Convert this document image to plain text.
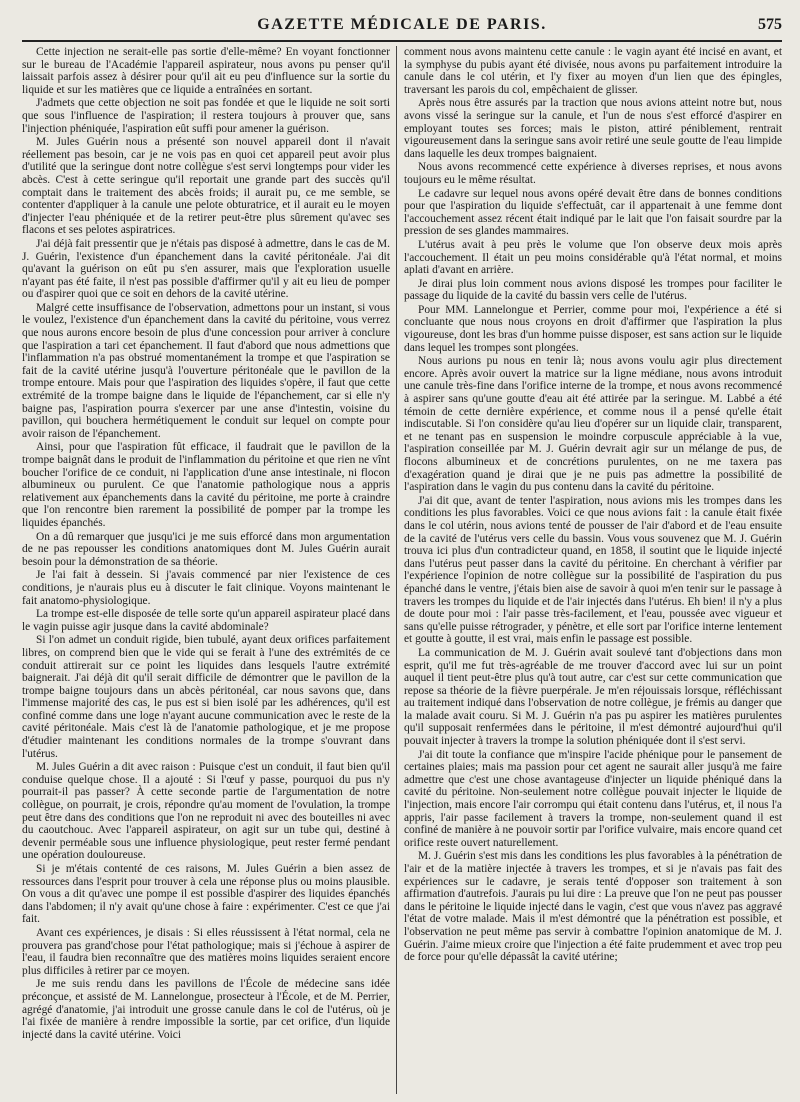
GAZETTE MÉDICALE DE PARIS.	575

Cette injection ne serait-elle pas sortie d'elle-même? En voyant fonctionner sur le bureau de l'Académie l'appareil aspirateur, nous avons pu penser qu'il laissait parfois assez à désirer pour qu'il ait eu peu d'influence sur la sortie du liquide et sur les matières que ce liquide a entraînées en sortant.

J'admets que cette objection ne soit pas fondée et que le liquide ne soit sorti que sous l'influence de l'aspiration; il restera toujours à prouver que, sans l'injection phéniquée, l'aspiration eût suffi pour amener la guérison.

M. Jules Guérin nous a présenté son nouvel appareil dont il n'avait réellement pas besoin, car je ne vois pas en quoi cet appareil peut avoir plus d'utilité que la seringue dont notre collègue s'est servi longtemps pour vider les abcès. C'est à cette seringue qu'il reportait une grande part des succès qu'il comptait dans le traitement des abcès froids; il aurait pu, ce me semble, se contenter d'appliquer à la canule une pelote obturatrice, et il aurait eu le moyen d'injecter l'eau phéniquée et de la retirer peut-être plus sûrement qu'avec ses flacons et ses pelotes aspiratrices.

J'ai déjà fait pressentir que je n'étais pas disposé à admettre, dans le cas de M. J. Guérin, l'existence d'un épanchement dans la cavité péritonéale. J'ai dit qu'avant la guérison on eût pu s'en assurer, mais que l'exploration usuelle n'ayant pas été faite, il n'est pas possible d'affirmer qu'il y ait eu lieu de pomper ou d'aspirer quoi que ce soit en dehors de la cavité utérine.

Malgré cette insuffisance de l'observation, admettons pour un instant, si vous le voulez, l'existence d'un épanchement dans la cavité du péritoine, vous verrez que nous aurons encore besoin de plus d'une concession pour arriver à conclure que l'aspiration a tari cet épanchement. Il faut d'abord que nous admettions que l'inflammation n'a pas obstrué momentanément la trompe et que l'aspiration se fait de la cavité utérine jusqu'à l'ouverture péritonéale que le pavillon de la trompe entoure. Mais pour que l'aspiration des liquides s'opère, il faut que cette extrémité de la trompe baigne dans le liquide de l'épanchement, car si elle n'y baigne pas, l'aspiration pourra s'exercer par une anse d'intestin, voisine du pavillon, qui bouchera hermétiquement le conduit sur lequel on compte pour avoir raison de l'épanchement.

Ainsi, pour que l'aspiration fût efficace, il faudrait que le pavillon de la trompe baignât dans le produit de l'inflammation du péritoine et que rien ne vînt boucher l'orifice de ce conduit, ni l'application d'une anse intestinale, ni flocon albumineux ou purulent. Ce que l'anatomie pathologique nous a appris relativement aux épanchements dans la cavité du péritoine, me porte à craindre que l'on rencontre bien rarement la possibilité de pomper par la trompe les liquides épanchés.

On a dû remarquer que jusqu'ici je me suis efforcé dans mon argumentation de ne pas repousser les conditions anatomiques dont M. Jules Guérin aurait besoin pour la démonstration de sa théorie.

Je l'ai fait à dessein. Si j'avais commencé par nier l'existence de ces conditions, je n'aurais plus eu à discuter le fait clinique. Voyons maintenant le fait anatomo-physiologique.

La trompe est-elle disposée de telle sorte qu'un appareil aspirateur placé dans le vagin puisse agir jusque dans la cavité abdominale?

Si l'on admet un conduit rigide, bien tubulé, ayant deux orifices parfaitement libres, on comprend bien que le vide qui se ferait à l'une des extrémités de ce conduit attirerait sur ce point les liquides dans lesquels l'autre extrémité baignerait. J'ai déjà dit qu'il serait difficile de démontrer que le pavillon de la trompe baigne toujours dans un abcès péritonéal, car nous savons que, dans l'immense majorité des cas, le pus est si bien isolé par les adhérences, qu'il est confiné comme dans une loge n'ayant aucune communication avec le reste de la cavité péritonéale. Mais c'est là de l'anatomie pathologique, et je me propose d'étudier maintenant les conditions normales de la trompe s'ouvrant dans l'utérus.

M. Jules Guérin a dit avec raison : Puisque c'est un conduit, il faut bien qu'il conduise quelque chose. Il a ajouté : Si l'œuf y passe, pourquoi du pus n'y pourrait-il pas passer? À cette seconde partie de l'argumentation de notre collègue, on pourrait, je crois, répondre qu'au moment de l'ovulation, la trompe peut être dans des conditions que l'on ne reproduit ni avec des bouteilles ni avec du caoutchouc. Avec l'appareil aspirateur, on agit sur un tube qui, destiné à devenir perméable sous une influence physiologique, peut rester fermé pendant une opération douloureuse.

Si je m'étais contenté de ces raisons, M. Jules Guérin a bien assez de ressources dans l'esprit pour trouver à cela une réponse plus ou moins plausible. On vous a dit qu'avec une pompe il est possible d'aspirer des liquides épanchés dans l'abdomen; il n'y avait qu'une chose à faire : expérimenter. C'est ce que j'ai fait.

Avant ces expériences, je disais : Si elles réussissent à l'état normal, cela ne prouvera pas grand'chose pour l'état pathologique; mais si j'échoue à aspirer de l'eau, il faudra bien reconnaître que des matières moins liquides seraient encore plus difficiles à retirer par ce moyen.

Je me suis rendu dans les pavillons de l'École de médecine sans idée préconçue, et assisté de M. Lannelongue, prosecteur à l'École, et de M. Perrier, agrégé d'anatomie, j'ai introduit une grosse canule dans le col de l'utérus, où je l'ai fixée de manière à rendre impossible la sortie, par cet orifice, d'un liquide injecté dans la cavité utérine. Voici

comment nous avons maintenu cette canule : le vagin ayant été incisé en avant, et la symphyse du pubis ayant été divisée, nous avons pu parfaitement introduire la canule dans le col utérin, et l'y fixer au moyen d'un lien que des épingles, traversant les parois du col, empêchaient de glisser.

Après nous être assurés par la traction que nous avions atteint notre but, nous avons vissé la seringue sur la canule, et l'un de nous s'est efforcé d'aspirer en employant toutes ses forces; mais le piston, attiré péniblement, rentrait vigoureusement dans la seringue sans avoir retiré une seule goutte de l'eau limpide dans laquelle les deux trompes baignaient.

Nous avons recommencé cette expérience à diverses reprises, et nous avons toujours eu le même résultat.

Le cadavre sur lequel nous avons opéré devait être dans de bonnes conditions pour que l'aspiration du liquide s'effectuât, car il appartenait à une femme dont l'accouchement assez récent était indiqué par le lait que l'on faisait sourdre par la pression de ses glandes mammaires.

L'utérus avait à peu près le volume que l'on observe deux mois après l'accouchement. Il était un peu moins considérable qu'à l'état normal, et moins aplati d'avant en arrière.

Je dirai plus loin comment nous avions disposé les trompes pour faciliter le passage du liquide de la cavité du bassin vers celle de l'utérus.

Pour MM. Lannelongue et Perrier, comme pour moi, l'expérience a été si concluante que nous nous croyons en droit d'affirmer que l'aspiration la plus vigoureuse, dont les bras d'un homme puisse disposer, est sans action sur le liquide dans lequel les trompes sont plongées.

Nous aurions pu nous en tenir là; nous avons voulu agir plus directement encore. Après avoir ouvert la matrice sur la ligne médiane, nous avons introduit une canule très-fine dans l'orifice interne de la trompe, et nous avons recommencé à aspirer sans qu'une goutte d'eau ait été attirée par la seringue. M. Labbé a été témoin de cette dernière expérience, et comme nous il a pensé qu'elle était indiscutable. Si l'on considère qu'au lieu d'opérer sur un liquide clair, transparent, et ne tenant pas en suspension le moindre corpuscule appréciable à la vue, l'aspiration conseillée par M. J. Guérin devrait agir sur un mélange de pus, de flocons albumineux et de concrétions purulentes, on ne me taxera pas d'exagération quand je dirai que je ne puis pas admettre la possibilité de l'aspiration dans le vagin du pus contenu dans la cavité du péritoine.

J'ai dit que, avant de tenter l'aspiration, nous avions mis les trompes dans les conditions les plus favorables. Voici ce que nous avions fait : la canule était fixée dans le col utérin, nous avions tenté de pousser de l'air d'abord et de l'eau ensuite de la cavité de l'utérus vers celle du bassin. Vous vous souvenez que M. J. Guérin trouva ici plus d'un contradicteur quand, en 1858, il soutint que le liquide injecté dans l'utérus peut passer dans la cavité du péritoine. En cherchant à vérifier par l'expérience l'opinion de notre collègue sur la possibilité de l'aspiration du pus épanché dans le ventre, j'étais bien aise de savoir à quoi m'en tenir sur le passage à travers les trompes du liquide et de l'air injectés dans l'utérus. Eh bien! il n'y a plus de doute pour moi : l'air passe très-facilement, et l'eau, poussée avec vigueur et sans qu'elle puisse rétrograder, y pénètre, et elle sort par l'orifice interne lentement et goutte à goutte, il est vrai, mais enfin le passage est possible.

La communication de M. J. Guérin avait soulevé tant d'objections dans mon esprit, qu'il me fut très-agréable de me trouver d'accord avec lui sur un point auquel il tient peut-être plus qu'à tout autre, car c'est sur cette communication que repose sa théorie de la fièvre puerpérale. Je m'en réjouissais lorsque, réfléchissant au traitement indiqué dans l'observation de notre collègue, je frémis au danger que la malade avait couru. Si M. J. Guérin n'a pas pu aspirer les matières purulentes qu'il supposait renfermées dans le péritoine, il m'est démontré aujourd'hui qu'il pouvait injecter à travers la trompe la solution phéniquée dont il s'est servi.

J'ai dit toute la confiance que m'inspire l'acide phénique pour le pansement de certaines plaies; mais ma passion pour cet agent ne saurait aller jusqu'à me faire admettre que c'est une chose avantageuse d'injecter un liquide phéniqué dans la cavité du péritoine. Non-seulement notre collègue pouvait injecter le liquide de l'injection, mais encore l'air corrompu qui était contenu dans l'utérus, et, il nous l'a appris, l'air passe facilement à travers la trompe, non-seulement quand il est confiné de manière à ne pouvoir sortir par l'orifice vulvaire, mais encore quand cet orifice reste ouvert naturellement.

M. J. Guérin s'est mis dans les conditions les plus favorables à la pénétration de l'air et de la matière injectée à travers les trompes, et si je n'avais pas fait des expériences sur le cadavre, je serais tenté d'opposer son traitement à son affirmation d'autrefois. J'aurais pu lui dire : La preuve que l'on ne peut pas pousser dans le péritoine le liquide injecté dans le vagin, c'est que vous n'avez pas aggravé l'état de votre malade. Mais il m'est démontré que la pénétration est possible, et l'observation ne peut même pas servir à combattre l'opinion anatomique de M. J. Guérin. J'aime mieux croire que l'injection a été faite prudemment et avec trop peu de force pour qu'elle dépassât la cavité utérine;
